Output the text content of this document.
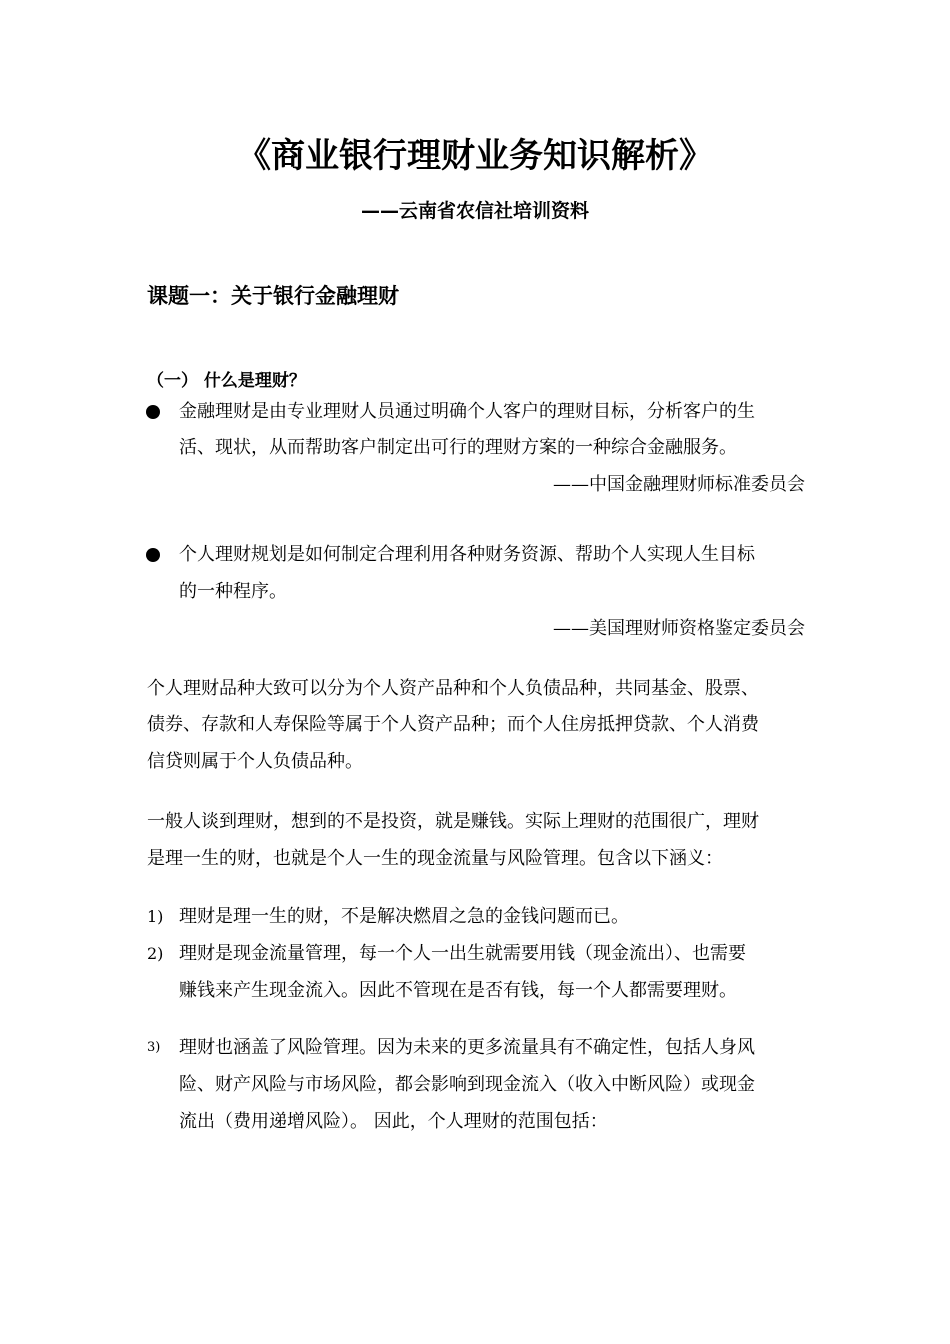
《商业银行理财业务知识解析》
——云南省农信社培训资料
课题一：关于银行金融理财
（一） 什么是理财？
金融理财是由专业理财人员通过明确个人客户的理财目标，分析客户的生
活、现状，从而帮助客户制定出可行的理财方案的一种综合金融服务。
——中国金融理财师标准委员会
个人理财规划是如何制定合理利用各种财务资源、帮助个人实现人生目标
的一种程序。
——美国理财师资格鉴定委员会
个人理财品种大致可以分为个人资产品种和个人负债品种，共同基金、股票、
债券、存款和人寿保险等属于个人资产品种；而个人住房抵押贷款、个人消费
信贷则属于个人负债品种。
一般人谈到理财，想到的不是投资，就是赚钱。实际上理财的范围很广，理财
是理一生的财，也就是个人一生的现金流量与风险管理。包含以下涵义：
1) 理财是理一生的财，不是解决燃眉之急的金钱问题而已。
2) 理财是现金流量管理，每一个人一出生就需要用钱（现金流出）、也需要
赚钱来产生现金流入。因此不管现在是否有钱，每一个人都需要理财。
3) 理财也涵盖了风险管理。因为未来的更多流量具有不确定性，包括人身风
险、财产风险与市场风险，都会影响到现金流入（收入中断风险）或现金
流出（费用递增风险）。 因此，个人理财的范围包括：
